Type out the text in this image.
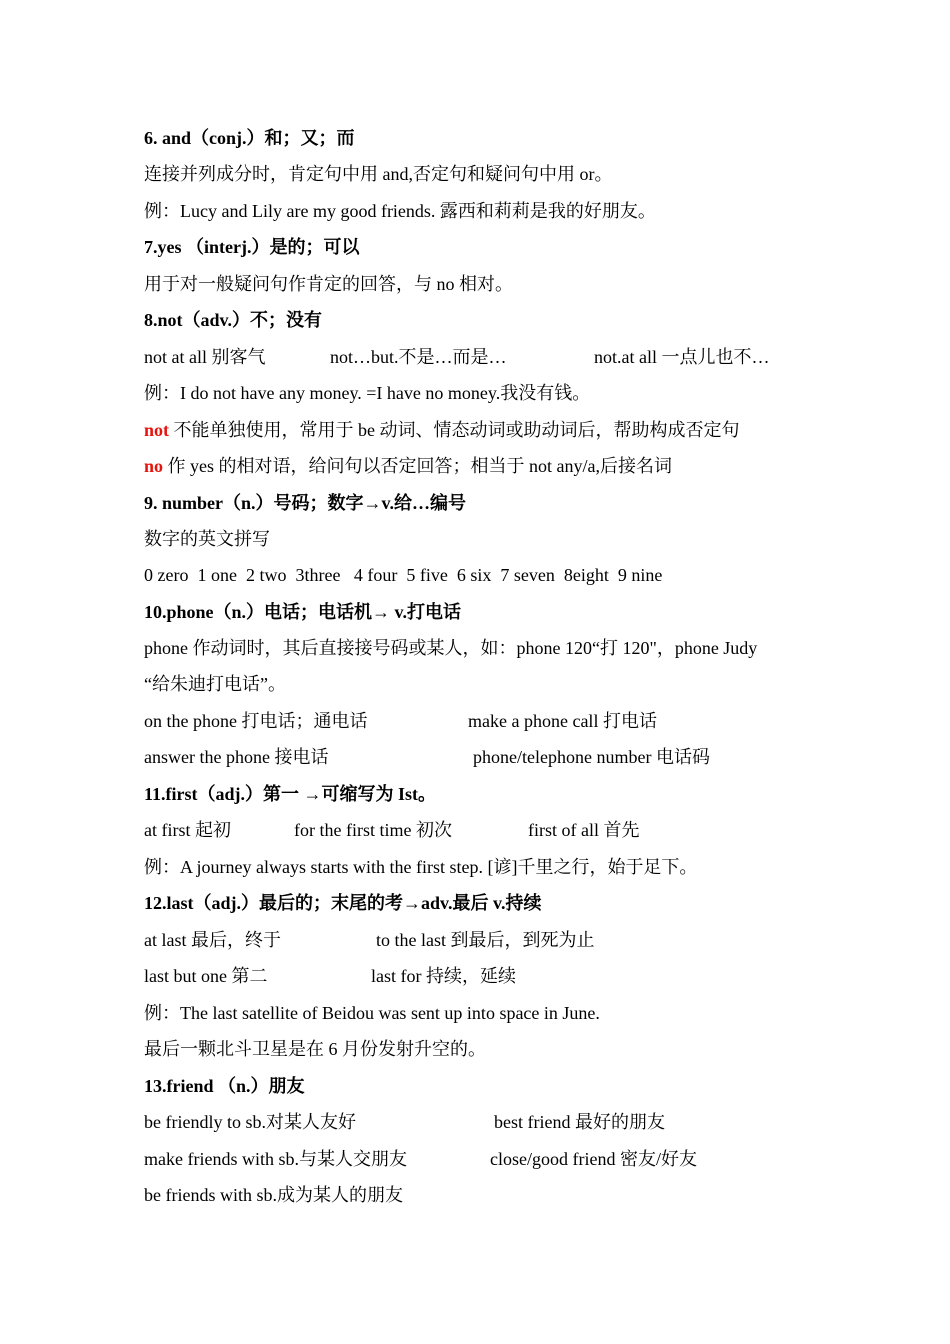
6. and（conj.）和；又；而
连接并列成分时，肯定句中用 and,否定句和疑问句中用 or。
例：Lucy and Lily are my good friends. 露西和莉莉是我的好朋友。
7.yes （interj.）是的；可以
用于对一般疑问句作肯定的回答，与 no 相对。
8.not（adv.）不；没有
not at all 别客气	not…but.不是…而是…	not.at all 一点儿也不…
例：I do not have any money. =I have no money.我没有钱。
not 不能单独使用，常用于 be 动词、情态动词或助动词后，帮助构成否定句
no 作 yes 的相对语，给问句以否定回答；相当于 not any/a,后接名词
9. number（n.）号码；数字→v.给…编号
数字的英文拼写
0 zero  1 one  2 two  3three   4 four  5 five  6 six  7 seven  8eight  9 nine
10.phone（n.）电话；电话机→ v.打电话
phone 作动词时，其后直接接号码或某人，如：phone 120“打 120"，phone Judy
“给朱迪打电话”。
on the phone 打电话；通电话	make a phone call 打电话
answer the phone 接电话	phone/telephone number 电话码
11.first（adj.）第一 →可缩写为 Ist。
at first 起初	for the first time 初次	first of all 首先
例：A journey always starts with the first step. [谚]千里之行，始于足下。
12.last（adj.）最后的；末尾的考→adv.最后 v.持续
at last 最后，终于	to the last 到最后，到死为止
last but one 第二	last for 持续，延续
例：The last satellite of Beidou was sent up into space in June.
最后一颗北斗卫星是在 6 月份发射升空的。
13.friend （n.）朋友
be friendly to sb.对某人友好	best friend 最好的朋友
make friends with sb.与某人交朋友	close/good friend 密友/好友
be friends with sb.成为某人的朋友
